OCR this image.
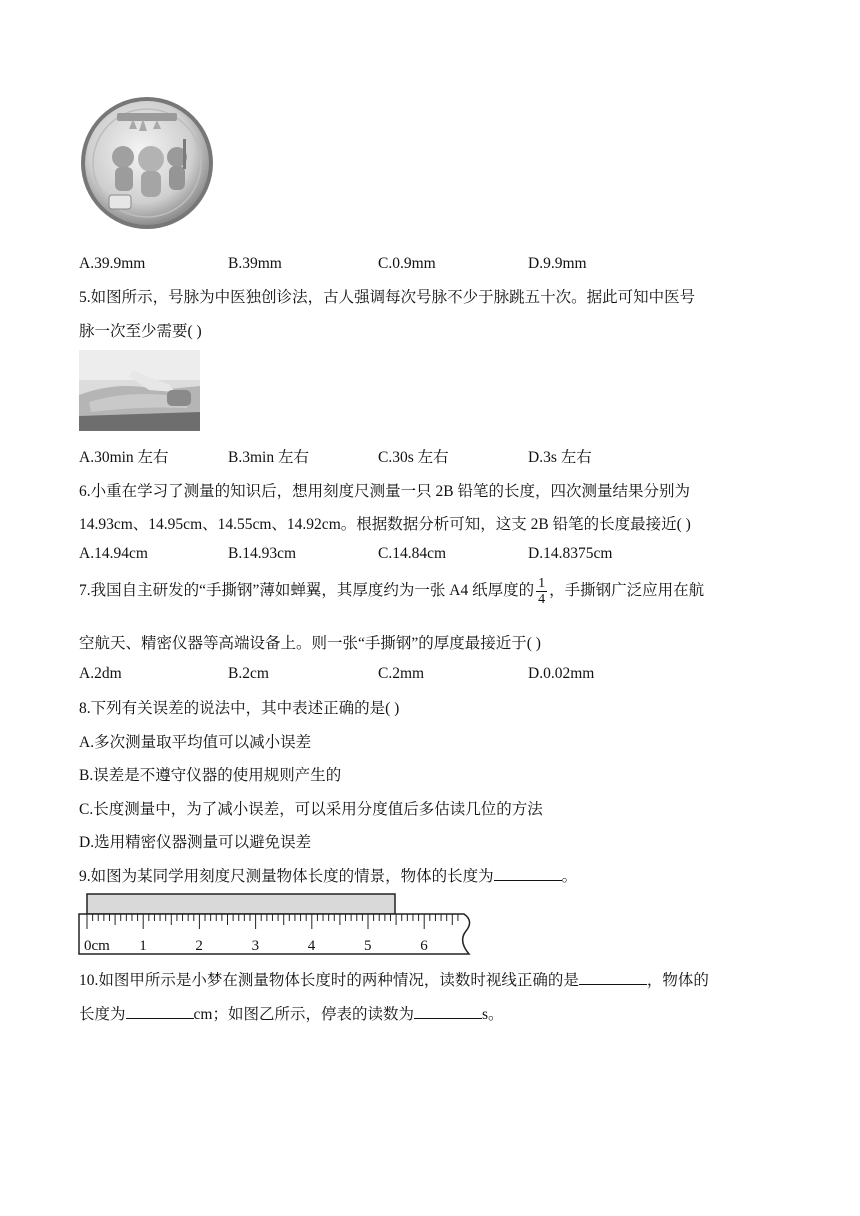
A.39.9mm	B.39mm	C.0.9mm	D.9.9mm
5.如图所示，号脉为中医独创诊法，古人强调每次号脉不少于脉跳五十次。据此可知中医号
脉一次至少需要( )
A.30min 左右	B.3min 左右	C.30s 左右	D.3s 左右
6.小重在学习了测量的知识后，想用刻度尺测量一只 2B 铅笔的长度，四次测量结果分别为
14.93cm、14.95cm、14.55cm、14.92cm。根据数据分析可知，这支 2B 铅笔的长度最接近( )
A.14.94cm	B.14.93cm	C.14.84cm	D.14.8375cm
7.我国自主研发的“手撕钢”薄如蝉翼，其厚度约为一张 A4 纸厚度的 $\frac{1}{4}$ ，手撕钢广泛应用在航
空航天、精密仪器等高端设备上。则一张“手撕钢”的厚度最接近于( )
A.2dm	B.2cm	C.2mm	D.0.02mm
8.下列有关误差的说法中，其中表述正确的是( )
A.多次测量取平均值可以减小误差
B.误差是不遵守仪器的使用规则产生的
C.长度测量中，为了减小误差，可以采用分度值后多估读几位的方法
D.选用精密仪器测量可以避免误差
9.如图为某同学用刻度尺测量物体长度的情景，物体的长度为	。
0cm 1	2	3	4	5	6
10.如图甲所示是小梦在测量物体长度时的两种情况，读数时视线正确的是	，物体的
长度为	cm；如图乙所示，停表的读数为	s。
